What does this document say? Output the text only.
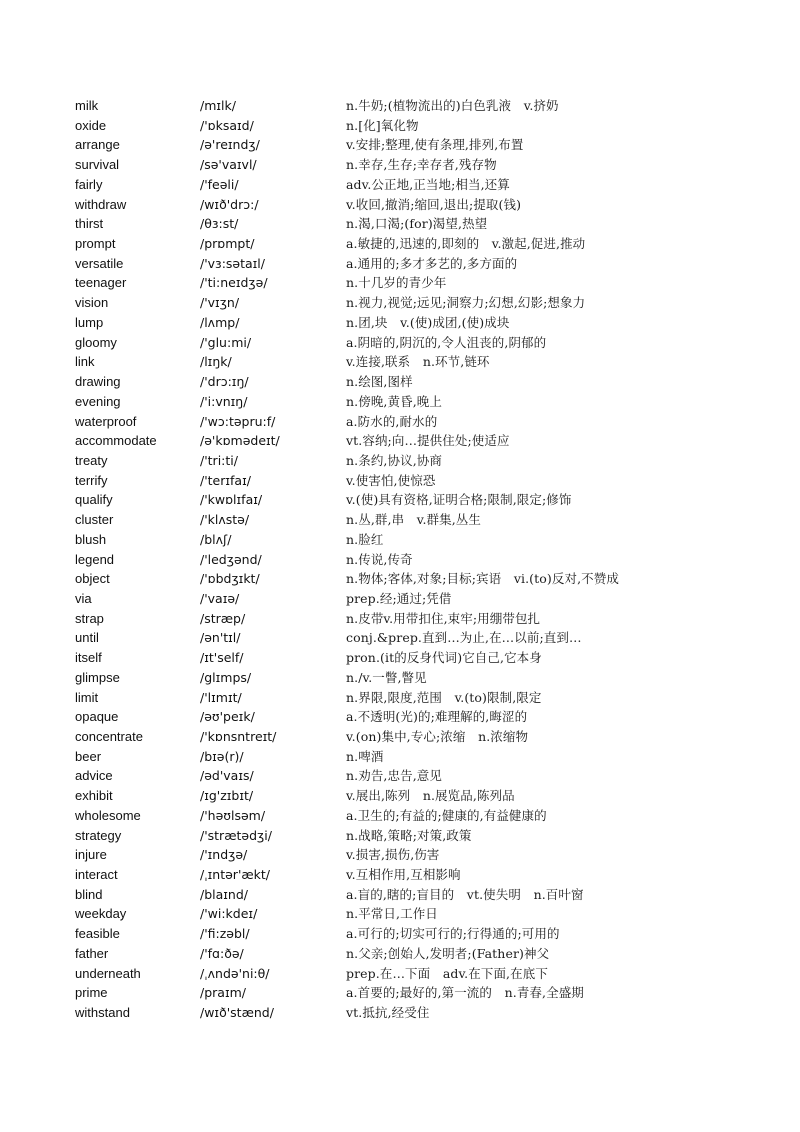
milk	/mɪlk/	n.牛奶;(植物流出的)白色乳液　v.挤奶
oxide	/'ɒksaɪd/	n.[化]氧化物
arrange	/ə'reɪndʒ/	v.安排;整理,使有条理,排列,布置
survival	/sə'vaɪvl/	n.幸存,生存;幸存者,残存物
fairly	/'feəli/	adv.公正地,正当地;相当,还算
withdraw	/wɪð'drɔ:/	v.收回,撤消;缩回,退出;提取(钱)
thirst	/θɜ:st/	n.渴,口渴;(for)渴望,热望
prompt	/prɒmpt/	a.敏捷的,迅速的,即刻的　v.激起,促进,推动
versatile	/'vɜ:sətaɪl/	a.通用的;多才多艺的,多方面的
teenager	/'ti:neɪdʒə/	n.十几岁的青少年
vision	/'vɪʒn/	n.视力,视觉;远见;洞察力;幻想,幻影;想象力
lump	/lʌmp/	n.团,块　v.(使)成团,(使)成块
gloomy	/'glu:mi/	a.阴暗的,阴沉的,令人沮丧的,阴郁的
link	/lɪŋk/	v.连接,联系　n.环节,链环
drawing	/'drɔ:ɪŋ/	n.绘图,图样
evening	/'i:vnɪŋ/	n.傍晚,黄昏,晚上
waterproof	/'wɔ:təpru:f/	a.防水的,耐水的
accommodate	/ə'kɒmədeɪt/	vt.容纳;向…提供住处;使适应
treaty	/'tri:ti/	n.条约,协议,协商
terrify	/'terɪfaɪ/	v.使害怕,使惊恐
qualify	/'kwɒlɪfaɪ/	v.(使)具有资格,证明合格;限制,限定;修饰
cluster	/'klʌstə/	n.丛,群,串　v.群集,丛生
blush	/blʌʃ/	n.脸红
legend	/'ledʒənd/	n.传说,传奇
object	/'ɒbdʒɪkt/	n.物体;客体,对象;目标;宾语　vi.(to)反对,不赞成
via	/'vaɪə/	prep.经;通过;凭借
strap	/stræp/	n.皮带v.用带扣住,束牢;用绷带包扎
until	/ən'tɪl/	conj.&prep.直到…为止,在…以前;直到…
itself	/ɪt'self/	pron.(it的反身代词)它自己,它本身
glimpse	/glɪmps/	n./v.一瞥,瞥见
limit	/'lɪmɪt/	n.界限,限度,范围　v.(to)限制,限定
opaque	/əʊ'peɪk/	a.不透明(光)的;难理解的,晦涩的
concentrate	/'kɒnsntreɪt/	v.(on)集中,专心;浓缩　n.浓缩物
beer	/bɪə(r)/	n.啤酒
advice	/əd'vaɪs/	n.劝告,忠告,意见
exhibit	/ɪg'zɪbɪt/	v.展出,陈列　n.展览品,陈列品
wholesome	/'həʊlsəm/	a.卫生的;有益的;健康的,有益健康的
strategy	/'strætədʒi/	n.战略,策略;对策,政策
injure	/'ɪndʒə/	v.损害,损伤,伤害
interact	/ˌɪntər'ækt/	v.互相作用,互相影响
blind	/blaɪnd/	a.盲的,瞎的;盲目的　vt.使失明　n.百叶窗
weekday	/'wi:kdeɪ/	n.平常日,工作日
feasible	/'fi:zəbl/	a.可行的;切实可行的;行得通的;可用的
father	/'fɑ:ðə/	n.父亲;创始人,发明者;(Father)神父
underneath	/ˌʌndə'ni:θ/	prep.在…下面　adv.在下面,在底下
prime	/praɪm/	a.首要的;最好的,第一流的　n.青春,全盛期
withstand	/wɪð'stænd/	vt.抵抗,经受住
